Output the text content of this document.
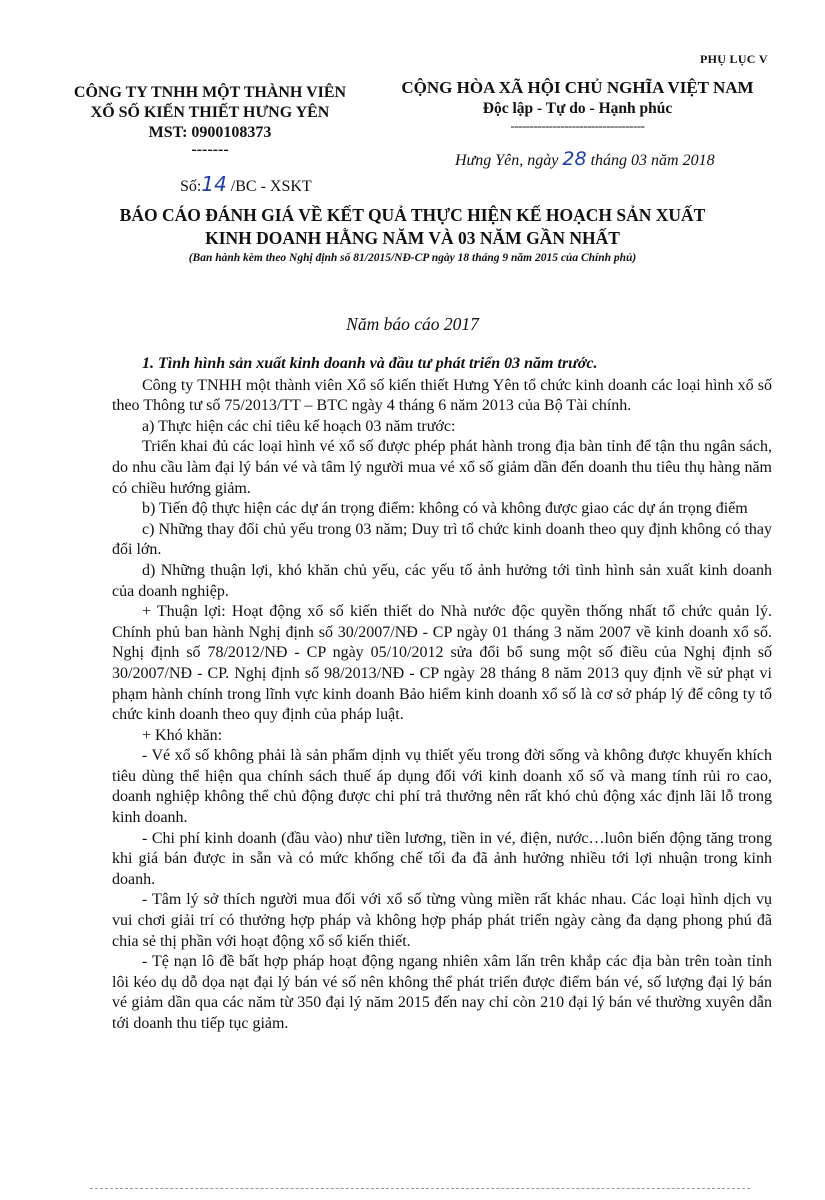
PHỤ LỤC V
CÔNG TY TNHH MỘT THÀNH VIÊN
XỔ SỐ KIẾN THIẾT HƯNG YÊN
MST: 0900108373
-------
Số:14 /BC - XSKT
CỘNG HÒA XÃ HỘI CHỦ NGHĨA VIỆT NAM
Độc lập - Tự do - Hạnh phúc
-----------------------------------
Hưng Yên, ngày 28 tháng 03 năm 2018
BÁO CÁO ĐÁNH GIÁ VỀ KẾT QUẢ THỰC HIỆN KẾ HOẠCH SẢN XUẤT
KINH DOANH HẰNG NĂM VÀ 03 NĂM GẦN NHẤT
(Ban hành kèm theo Nghị định số 81/2015/NĐ-CP ngày 18 tháng 9 năm 2015 của Chính phủ)
Năm báo cáo 2017

1. Tình hình sản xuất kinh doanh và đầu tư phát triển 03 năm trước.

Công ty TNHH một thành viên Xổ số kiến thiết Hưng Yên tổ chức kinh doanh các loại hình xổ số theo Thông tư số 75/2013/TT – BTC ngày 4 tháng 6 năm 2013 của Bộ Tài chính.

a) Thực hiện các chỉ tiêu kế hoạch 03 năm trước:

Triển khai đủ các loại hình vé xổ số được phép phát hành trong địa bàn tỉnh để tận thu ngân sách, do nhu cầu làm đại lý bán vé và tâm lý người mua vé xổ số giảm dần đến doanh thu tiêu thụ hàng năm có chiều hướng giảm.

b) Tiến độ thực hiện các dự án trọng điểm: không có và không được giao các dự án trọng điểm

c) Những thay đổi chủ yếu trong 03 năm; Duy trì tổ chức kinh doanh theo quy định không có thay đổi lớn.

d) Những thuận lợi, khó khăn chủ yếu, các yếu tố ảnh hưởng tới tình hình sản xuất kinh doanh của doanh nghiệp.

+ Thuận lợi: Hoạt động xổ số kiến thiết do Nhà nước độc quyền thống nhất tổ chức quản lý. Chính phủ ban hành Nghị định số 30/2007/NĐ - CP ngày 01 tháng 3 năm 2007 về kinh doanh xổ số. Nghị định số 78/2012/NĐ - CP ngày 05/10/2012 sửa đổi bổ sung một số điều của Nghị định số 30/2007/NĐ - CP. Nghị định số 98/2013/NĐ - CP ngày 28 tháng 8 năm 2013 quy định về sử phạt vi phạm hành chính trong lĩnh vực kinh doanh Bảo hiểm kinh doanh xổ số là cơ sở pháp lý để công ty tổ chức kinh doanh theo quy định của pháp luật.

+ Khó khăn:

- Vé xổ số không phải là sản phẩm dịnh vụ thiết yếu trong đời sống và không được khuyến khích tiêu dùng thể hiện qua chính sách thuế áp dụng đối với kinh doanh xổ số và mang tính rủi ro cao, doanh nghiệp không thể chủ động được chi phí trả thưởng nên rất khó chủ động xác định lãi lỗ trong kinh doanh.

- Chi phí kinh doanh (đầu vào) như tiền lương, tiền in vé, điện, nước…luôn biến động tăng trong khi giá bán được in sẵn và có mức khống chế tối đa đã ảnh hưởng nhiều tới lợi nhuận trong kinh doanh.

- Tâm lý sở thích người mua đối với xổ số từng vùng miền rất khác nhau. Các loại hình dịch vụ vui chơi giải trí có thưởng hợp pháp và không hợp pháp phát triển ngày càng đa dạng phong phú đã chia sẻ thị phần với hoạt động xổ số kiến thiết.

- Tệ nạn lô đề bất hợp pháp hoạt động ngang nhiên xâm lấn trên khắp các địa bàn trên toàn tỉnh lôi kéo dụ dỗ dọa nạt đại lý bán vé số nên không thể phát triển được điểm bán vé, số lượng đại lý bán vé giảm dần qua các năm từ 350 đại lý năm 2015 đến nay chỉ còn 210 đại lý bán vé thường xuyên dẫn tới doanh thu tiếp tục giảm.
